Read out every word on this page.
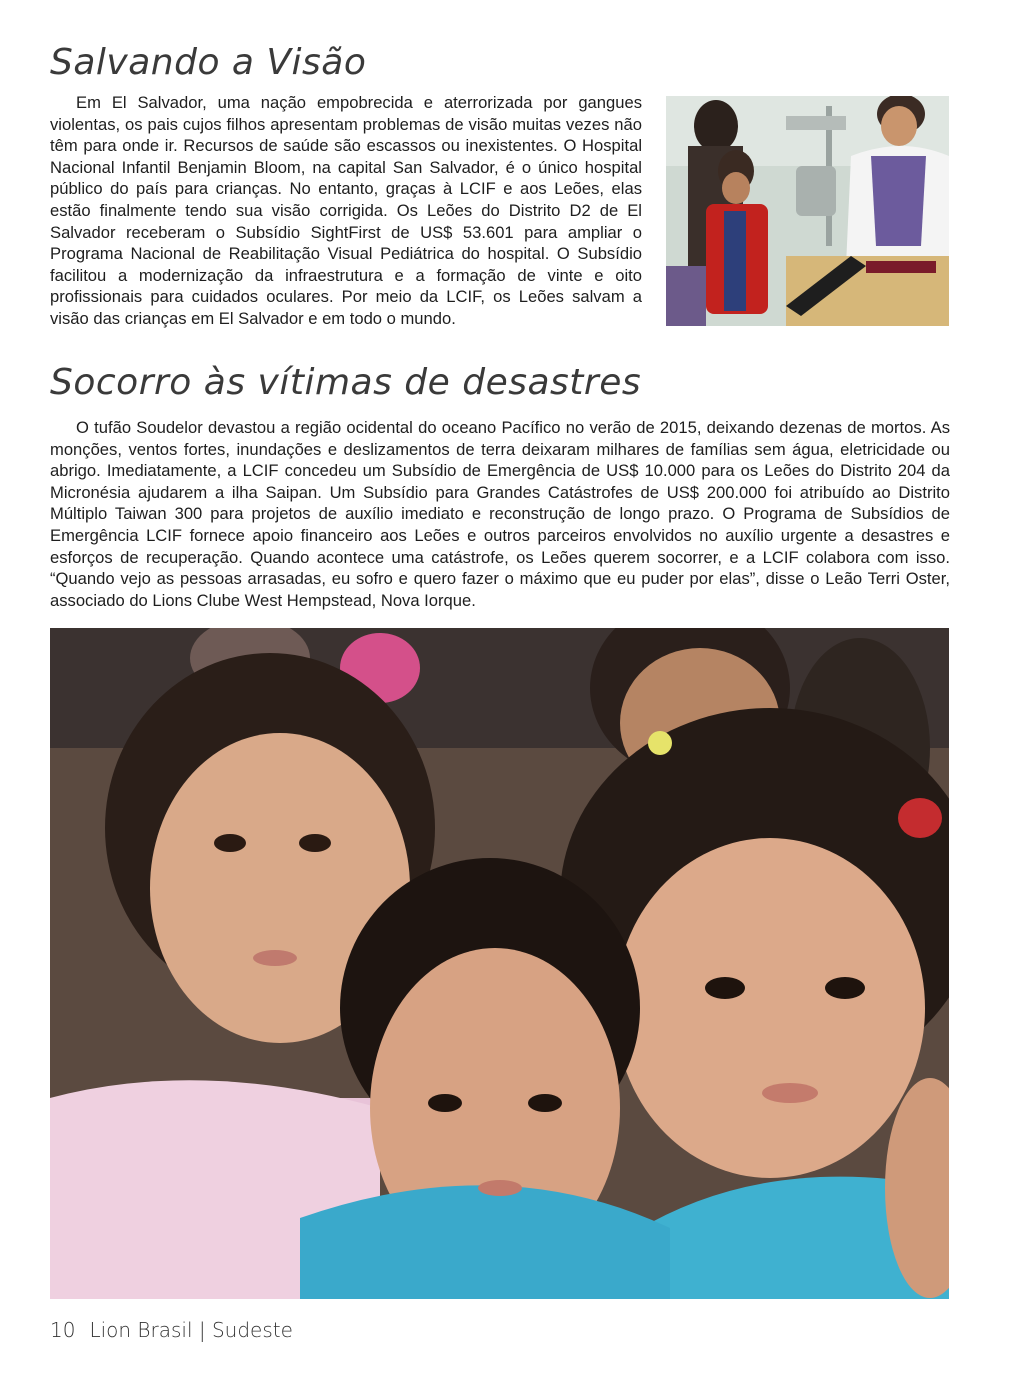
Salvando a Visão

Em El Salvador, uma nação empobrecida e aterrorizada por gangues violentas, os pais cujos filhos apresentam problemas de visão muitas vezes não têm para onde ir. Recursos de saúde são escassos ou inexistentes. O Hospital Nacional Infantil Benjamin Bloom, na capital San Salvador, é o único hospital público do país para crianças. No entanto, graças à LCIF e aos Leões, elas estão finalmente tendo sua visão corrigida. Os Leões do Distrito D2 de El Salvador receberam o Subsídio SightFirst de US$ 53.601 para ampliar o Programa Nacional de Reabilitação Visual Pediátrica do hospital. O Subsídio facilitou a modernização da infraestrutura e a formação de vinte e oito profissionais para cuidados oculares. Por meio da LCIF, os Leões salvam a visão das crianças em El Salvador e em todo o mundo.

Socorro às vítimas de desastres

O tufão Soudelor devastou a região ocidental do oceano Pacífico no verão de 2015, deixando dezenas de mortos. As monções, ventos fortes, inundações e deslizamentos de terra deixaram milhares de famílias sem água, eletricidade ou abrigo. Imediatamente, a LCIF concedeu um Subsídio de Emergência de US$ 10.000 para os Leões do Distrito 204 da Micronésia ajudarem a ilha Saipan. Um Subsídio para Grandes Catástrofes de US$ 200.000 foi atribuído ao Distrito Múltiplo Taiwan 300 para projetos de auxílio imediato e reconstrução de longo prazo. O Programa de Subsídios de Emergência LCIF fornece apoio financeiro aos Leões e outros parceiros envolvidos no auxílio urgente a desastres e esforços de recuperação. Quando acontece uma catástrofe, os Leões querem socorrer, e a LCIF colabora com isso. “Quando vejo as pessoas arrasadas, eu sofro e quero fazer o máximo que eu puder por elas”, disse o Leão Terri Oster, associado do Lions Clube West Hempstead, Nova Iorque.

10 Lion Brasil | Sudeste
